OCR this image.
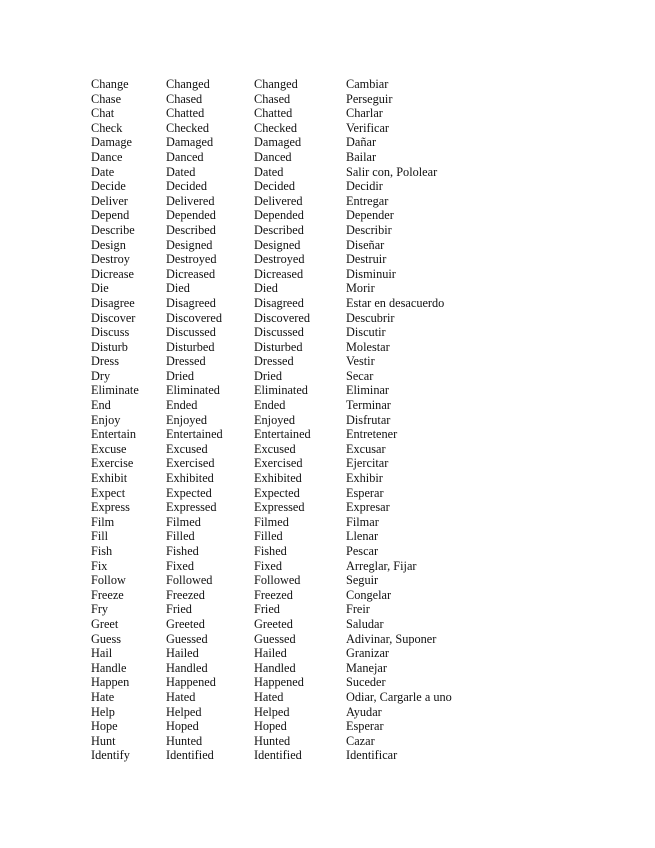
Change	Changed	Changed	Cambiar
Chase	Chased	Chased	Perseguir
Chat	Chatted	Chatted	Charlar
Check	Checked	Checked	Verificar
Damage	Damaged	Damaged	Dañar
Dance	Danced	Danced	Bailar
Date	Dated	Dated	Salir con, Pololear
Decide	Decided	Decided	Decidir
Deliver	Delivered	Delivered	Entregar
Depend	Depended	Depended	Depender
Describe	Described	Described	Describir
Design	Designed	Designed	Diseñar
Destroy	Destroyed	Destroyed	Destruir
Dicrease	Dicreased	Dicreased	Disminuir
Die	Died	Died	Morir
Disagree	Disagreed	Disagreed	Estar en desacuerdo
Discover	Discovered	Discovered	Descubrir
Discuss	Discussed	Discussed	Discutir
Disturb	Disturbed	Disturbed	Molestar
Dress	Dressed	Dressed	Vestir
Dry	Dried	Dried	Secar
Eliminate	Eliminated	Eliminated	Eliminar
End	Ended	Ended	Terminar
Enjoy	Enjoyed	Enjoyed	Disfrutar
Entertain	Entertained	Entertained	Entretener
Excuse	Excused	Excused	Excusar
Exercise	Exercised	Exercised	Ejercitar
Exhibit	Exhibited	Exhibited	Exhibir
Expect	Expected	Expected	Esperar
Express	Expressed	Expressed	Expresar
Film	Filmed	Filmed	Filmar
Fill	Filled	Filled	Llenar
Fish	Fished	Fished	Pescar
Fix	Fixed	Fixed	Arreglar, Fijar
Follow	Followed	Followed	Seguir
Freeze	Freezed	Freezed	Congelar
Fry	Fried	Fried	Freir
Greet	Greeted	Greeted	Saludar
Guess	Guessed	Guessed	Adivinar, Suponer
Hail	Hailed	Hailed	Granizar
Handle	Handled	Handled	Manejar
Happen	Happened	Happened	Suceder
Hate	Hated	Hated	Odiar, Cargarle a uno
Help	Helped	Helped	Ayudar
Hope	Hoped	Hoped	Esperar
Hunt	Hunted	Hunted	Cazar
Identify	Identified	Identified	Identificar
